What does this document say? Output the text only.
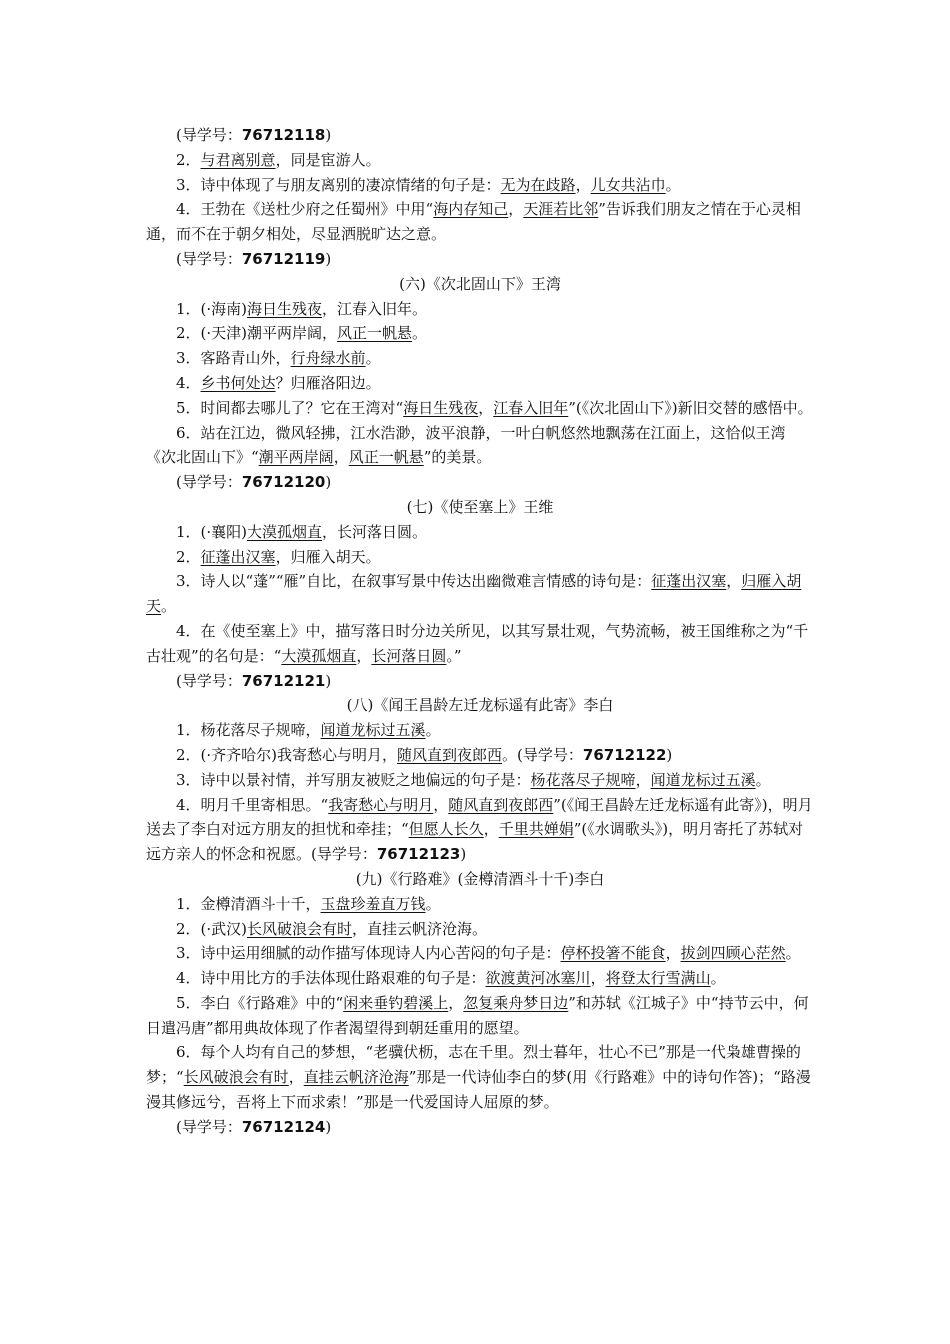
(导学号：76712118)
2．与君离别意，同是宦游人。
3．诗中体现了与朋友离别的凄凉情绪的句子是：无为在歧路，儿女共沾巾。
4．王勃在《送杜少府之任蜀州》中用“海内存知己，天涯若比邻”告诉我们朋友之情在于心灵相通，而不在于朝夕相处，尽显洒脱旷达之意。
(导学号：76712119)
(六)《次北固山下》王湾
1．(·海南)海日生残夜，江春入旧年。
2．(·天津)潮平两岸阔，风正一帆悬。
3．客路青山外，行舟绿水前。
4．乡书何处达？归雁洛阳边。
5．时间都去哪儿了？它在王湾对“海日生残夜，江春入旧年”(《次北固山下》)新旧交替的感悟中。
6．站在江边，微风轻拂，江水浩渺，波平浪静，一叶白帆悠然地飘荡在江面上，这恰似王湾《次北固山下》“潮平两岸阔，风正一帆悬”的美景。
(导学号：76712120)
(七)《使至塞上》王维
1．(·襄阳)大漠孤烟直，长河落日圆。
2．征蓬出汉塞，归雁入胡天。
3．诗人以“蓬”“雁”自比，在叙事写景中传达出幽微难言情感的诗句是：征蓬出汉塞，归雁入胡天。
4．在《使至塞上》中，描写落日时分边关所见，以其写景壮观，气势流畅，被王国维称之为“千古壮观”的名句是：“大漠孤烟直，长河落日圆。”
(导学号：76712121)
(八)《闻王昌龄左迁龙标遥有此寄》李白
1．杨花落尽子规啼，闻道龙标过五溪。
2．(·齐齐哈尔)我寄愁心与明月，随风直到夜郎西。(导学号：76712122)
3．诗中以景衬情，并写朋友被贬之地偏远的句子是：杨花落尽子规啼，闻道龙标过五溪。
4．明月千里寄相思。“我寄愁心与明月，随风直到夜郎西”(《闻王昌龄左迁龙标遥有此寄》)，明月送去了李白对远方朋友的担忧和牵挂；“但愿人长久，千里共婵娟”(《水调歌头》)，明月寄托了苏轼对远方亲人的怀念和祝愿。(导学号：76712123)
(九)《行路难》(金樽清酒斗十千)李白
1．金樽清酒斗十千，玉盘珍羞直万钱。
2．(·武汉)长风破浪会有时，直挂云帆济沧海。
3．诗中运用细腻的动作描写体现诗人内心苦闷的句子是：停杯投箸不能食，拔剑四顾心茫然。
4．诗中用比方的手法体现仕路艰难的句子是：欲渡黄河冰塞川，将登太行雪满山。
5．李白《行路难》中的“闲来垂钓碧溪上，忽复乘舟梦日边”和苏轼《江城子》中“持节云中，何日遣冯唐”都用典故体现了作者渴望得到朝廷重用的愿望。
6．每个人均有自己的梦想，“老骥伏枥，志在千里。烈士暮年，壮心不已”那是一代枭雄曹操的梦；“长风破浪会有时，直挂云帆济沧海”那是一代诗仙李白的梦(用《行路难》中的诗句作答)；“路漫漫其修远兮，吾将上下而求索！”那是一代爱国诗人屈原的梦。
(导学号：76712124)
